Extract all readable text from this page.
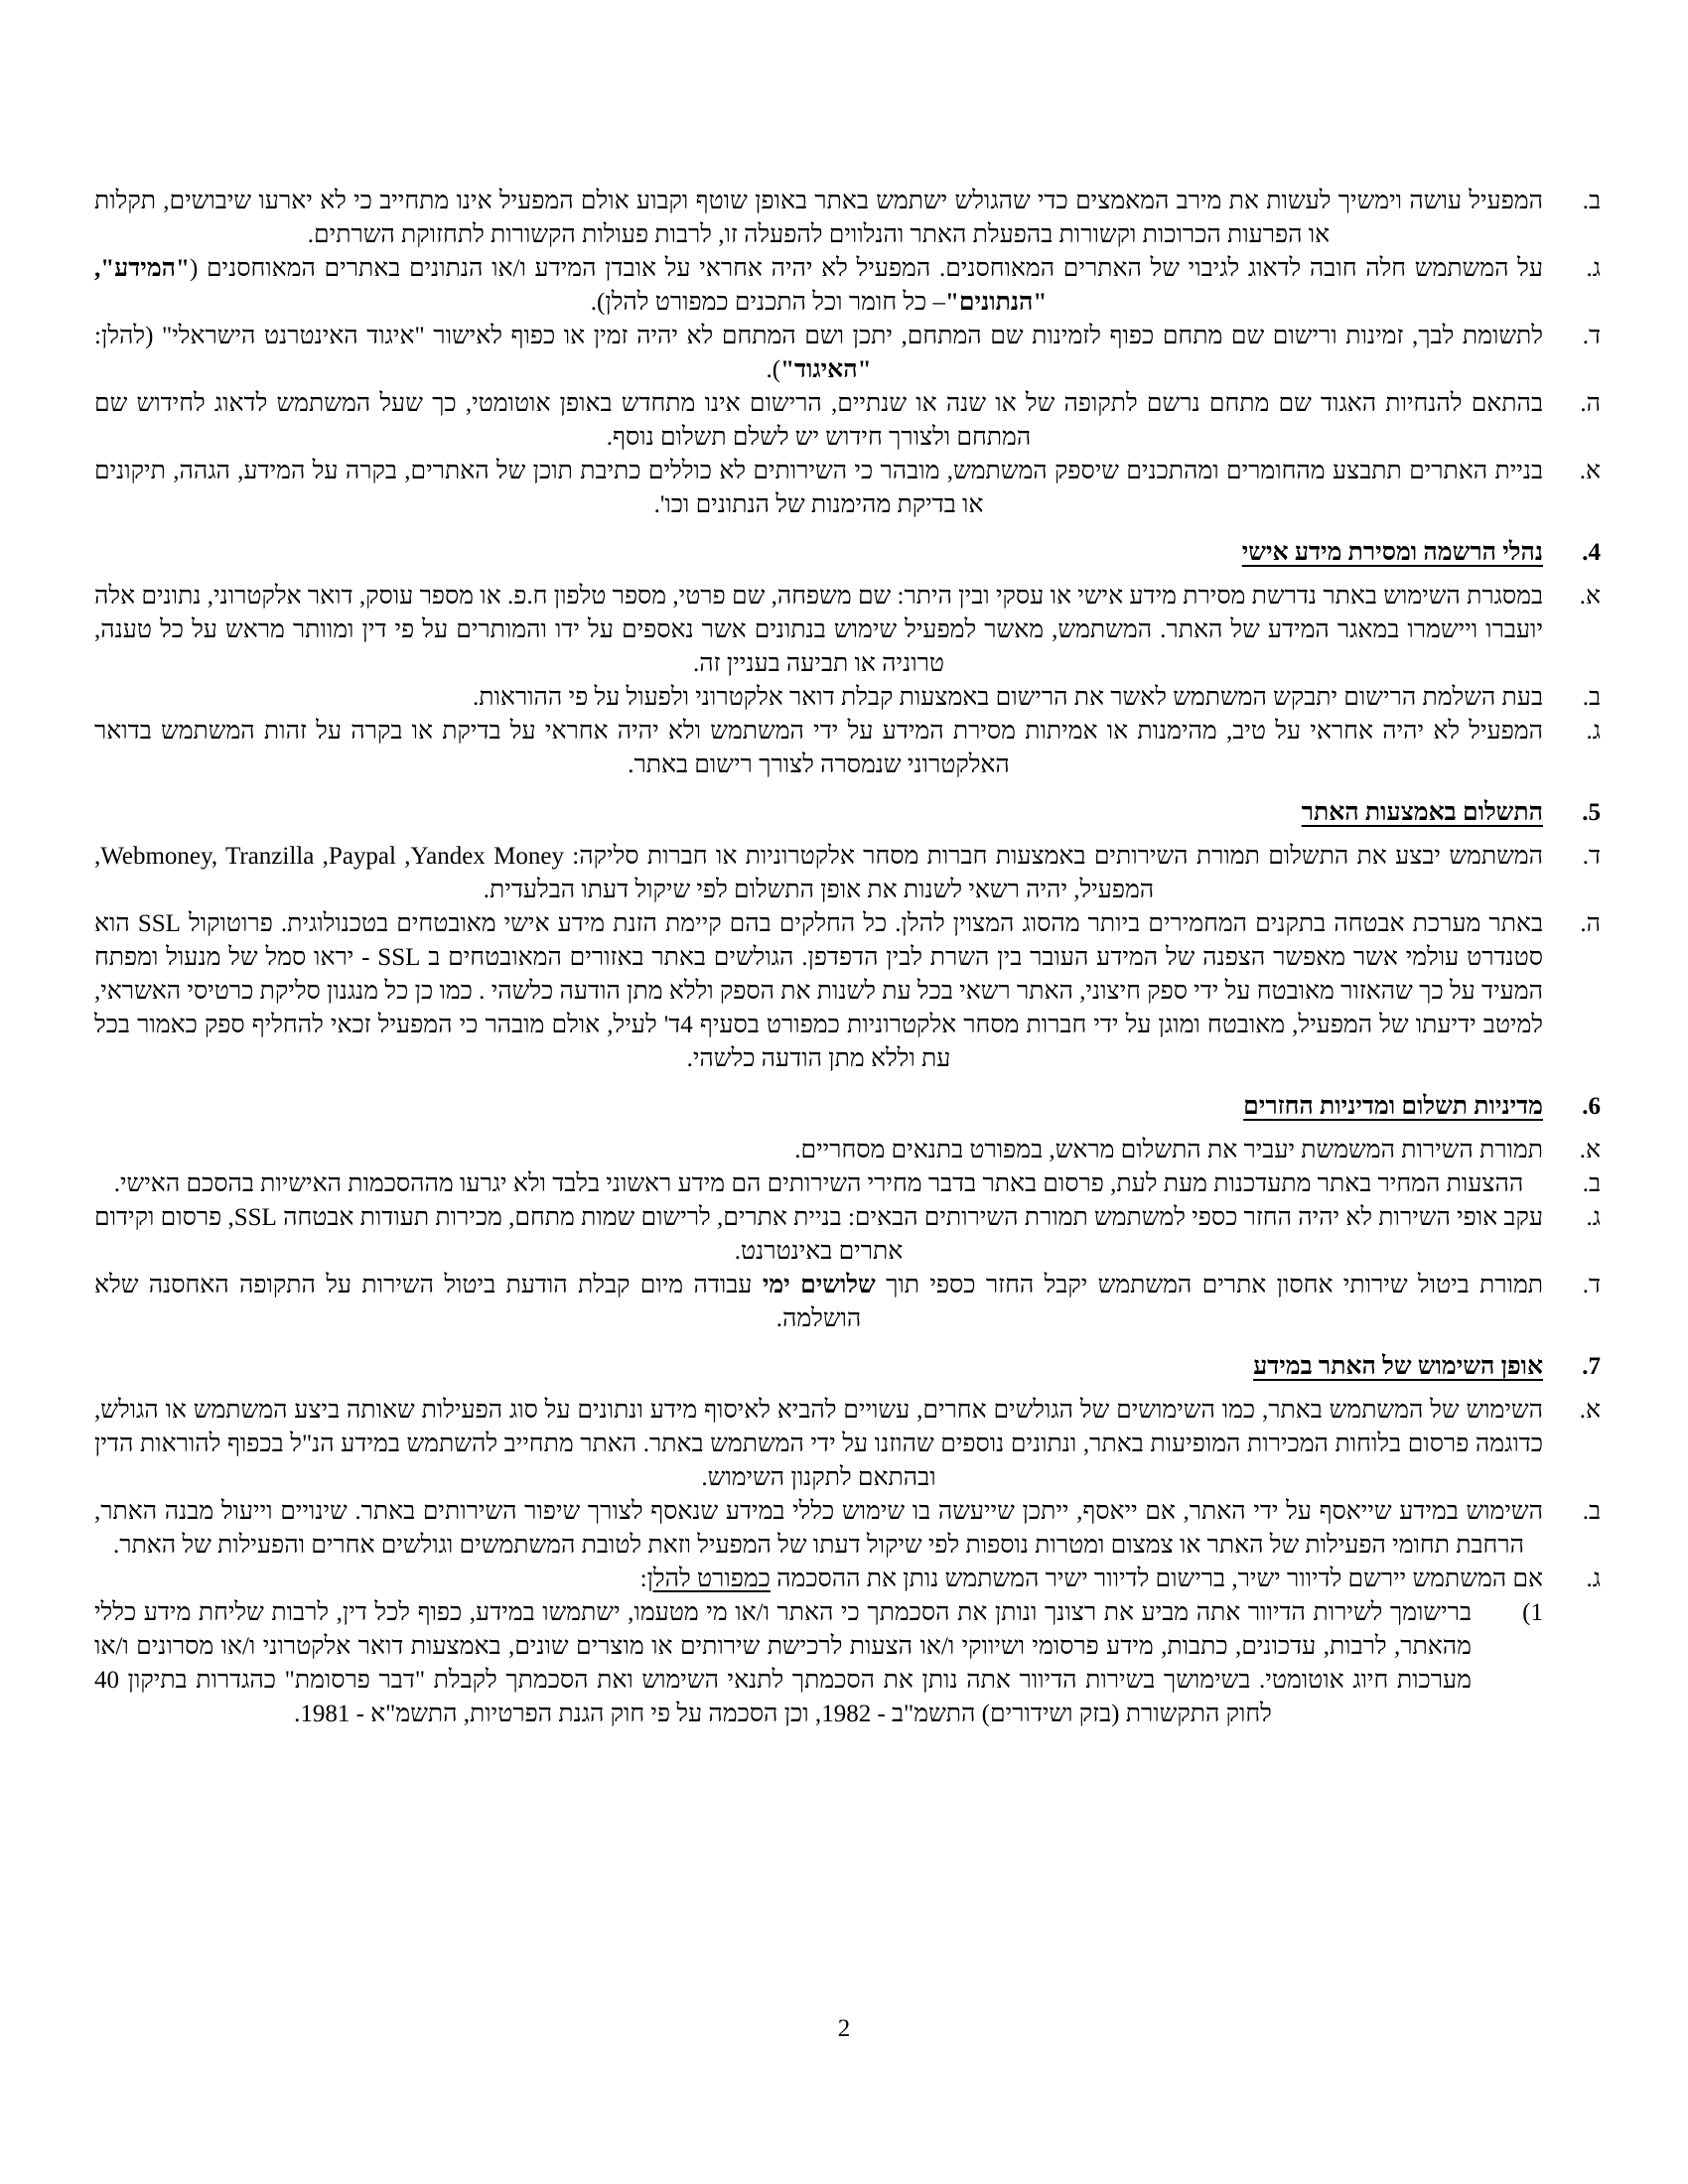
ב.
המפעיל עושה וימשיך לעשות את מירב המאמצים כדי שהגולש ישתמש באתר באופן שוטף וקבוע אולם המפעיל אינו מתחייב כי לא יארעו שיבושים, תקלות או הפרעות הכרוכות וקשורות בהפעלת האתר והנלווים להפעלה זו, לרבות פעולות הקשורות לתחזוקת השרתים.
ג.
על המשתמש חלה חובה לדאוג לגיבוי של האתרים המאוחסנים. המפעיל לא יהיה אחראי על אובדן המידע ו/או הנתונים באתרים המאוחסנים ("המידע", "הנתונים"– כל חומר וכל התכנים כמפורט להלן).
ד.
לתשומת לבך, זמינות ורישום שם מתחם כפוף לזמינות שם המתחם, יתכן ושם המתחם לא יהיה זמין או כפוף לאישור "איגוד האינטרנט הישראלי" (להלן: "האיגוד").
ה.
בהתאם להנחיות האגוד שם מתחם נרשם לתקופה של או שנה או שנתיים, הרישום אינו מתחדש באופן אוטומטי, כך שעל המשתמש לדאוג לחידוש שם המתחם ולצורך חידוש יש לשלם תשלום נוסף.
א.
בניית האתרים תתבצע מהחומרים ומהתכנים שיספק המשתמש, מובהר כי השירותים לא כוללים כתיבת תוכן של האתרים, בקרה על המידע, הגהה, תיקונים או בדיקת מהימנות של הנתונים וכו'.
4.
נהלי הרשמה ומסירת מידע אישי
א.
במסגרת השימוש באתר נדרשת מסירת מידע אישי או עסקי ובין היתר: שם משפחה, שם פרטי, מספר טלפון ח.פ. או מספר עוסק, דואר אלקטרוני, נתונים אלה יועברו ויישמרו במאגר המידע של האתר. המשתמש, מאשר למפעיל שימוש בנתונים אשר נאספים על ידו והמותרים על פי דין ומוותר מראש על כל טענה, טרוניה או תביעה בעניין זה.
ב.
בעת השלמת הרישום יתבקש המשתמש לאשר את הרישום באמצעות קבלת דואר אלקטרוני ולפעול על פי ההוראות.
ג.
המפעיל לא יהיה אחראי על טיב, מהימנות או אמיתות מסירת המידע על ידי המשתמש ולא יהיה אחראי על בדיקת או בקרה על זהות המשתמש בדואר האלקטרוני שנמסרה לצורך רישום באתר.
5.
התשלום באמצעות האתר
ד.
המשתמש יבצע את התשלום תמורת השירותים באמצעות חברות מסחר אלקטרוניות או חברות סליקה: Webmoney, Tranzilla ,Paypal ,Yandex Money, המפעיל, יהיה רשאי לשנות את אופן התשלום לפי שיקול דעתו הבלעדית.
ה.
באתר מערכת אבטחה בתקנים המחמירים ביותר מהסוג המצוין להלן. כל החלקים בהם קיימת הזנת מידע אישי מאובטחים בטכנולוגית. פרוטוקול SSL הוא סטנדרט עולמי אשר מאפשר הצפנה של המידע העובר בין השרת לבין הדפדפן. הגולשים באתר באזורים המאובטחים ב SSL - יראו סמל של מנעול ומפתח המעיד על כך שהאזור מאובטח על ידי ספק חיצוני, האתר רשאי בכל עת לשנות את הספק וללא מתן הודעה כלשהי . כמו כן כל מנגנון סליקת כרטיסי האשראי, למיטב ידיעתו של המפעיל, מאובטח ומוגן על ידי חברות מסחר אלקטרוניות כמפורט בסעיף 4ד' לעיל, אולם מובהר כי המפעיל זכאי להחליף ספק כאמור בכל עת וללא מתן הודעה כלשהי.
6.
מדיניות תשלום ומדיניות החזרים
א.
תמורת השירות המשמשת יעביר את התשלום מראש, במפורט בתנאים מסחריים.
ב.
ההצעות המחיר באתר מתעדכנות מעת לעת, פרסום באתר בדבר מחירי השירותים הם מידע ראשוני בלבד ולא יגרעו מההסכמות האישיות בהסכם האישי.
ג.
עקב אופי השירות לא יהיה החזר כספי למשתמש תמורת השירותים הבאים: בניית אתרים, לרישום שמות מתחם, מכירות תעודות אבטחה SSL, פרסום וקידום אתרים באינטרנט.
ד.
תמורת ביטול שירותי אחסון אתרים המשתמש יקבל החזר כספי תוך שלושים ימי עבודה מיום קבלת הודעת ביטול השירות על התקופה האחסנה שלא הושלמה.
7.
אופן השימוש של האתר במידע
א.
השימוש של המשתמש באתר, כמו השימושים של הגולשים אחרים, עשויים להביא לאיסוף מידע ונתונים על סוג הפעילות שאותה ביצע המשתמש או הגולש, כדוגמה פרסום בלוחות המכירות המופיעות באתר, ונתונים נוספים שהוזנו על ידי המשתמש באתר. האתר מתחייב להשתמש במידע הנ"ל בכפוף להוראות הדין ובהתאם לתקנון השימוש.
ב.
השימוש במידע שייאסף על ידי האתר, אם ייאסף, ייתכן שייעשה בו שימוש כללי במידע שנאסף לצורך שיפור השירותים באתר. שינויים וייעול מבנה האתר, הרחבת תחומי הפעילות של האתר או צמצום ומטרות נוספות לפי שיקול דעתו של המפעיל וזאת לטובת המשתמשים וגולשים אחרים והפעילות של האתר.
ג.
אם המשתמש יירשם לדיוור ישיר, ברישום לדיוור ישיר המשתמש נותן את ההסכמה כמפורט להלן:
1)
ברישומך לשירות הדיוור אתה מביע את רצונך ונותן את הסכמתך כי האתר ו/או מי מטעמו, ישתמשו במידע, כפוף לכל דין, לרבות שליחת מידע כללי מהאתר, לרבות, עדכונים, כתבות, מידע פרסומי ושיווקי ו/או הצעות לרכישת שירותים או מוצרים שונים, באמצעות דואר אלקטרוני ו/או מסרונים ו/או מערכות חיוג אוטומטי. בשימושך בשירות הדיוור אתה נותן את הסכמתך לתנאי השימוש ואת הסכמתך לקבלת "דבר פרסומת" כהגדרות בתיקון 40 לחוק התקשורת (בזק ושידורים) התשמ"ב - 1982, וכן הסכמה על פי חוק הגנת הפרטיות, התשמ"א - 1981.
2
